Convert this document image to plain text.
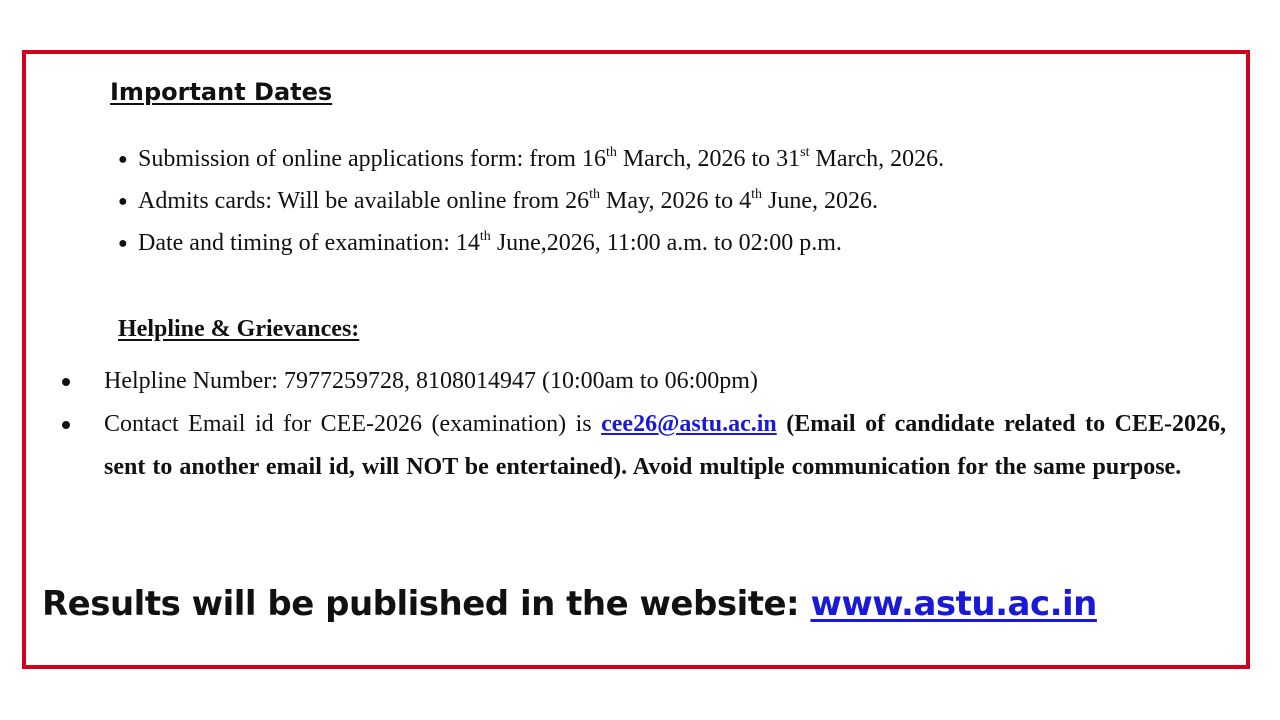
Important Dates
● Submission of online applications form: from 16th March, 2026 to 31st March, 2026.
● Admits cards: Will be available online from 26th May, 2026 to 4th June, 2026.
● Date and timing of examination: 14th June,2026, 11:00 a.m. to 02:00 p.m.
Helpline & Grievances:
Helpline Number: 7977259728, 8108014947 (10:00am to 06:00pm)
Contact Email id for CEE-2026 (examination) is cee26@astu.ac.in (Email of candidate related to CEE-2026, sent to another email id, will NOT be entertained). Avoid multiple communication for the same purpose.

Results will be published in the website: www.astu.ac.in
